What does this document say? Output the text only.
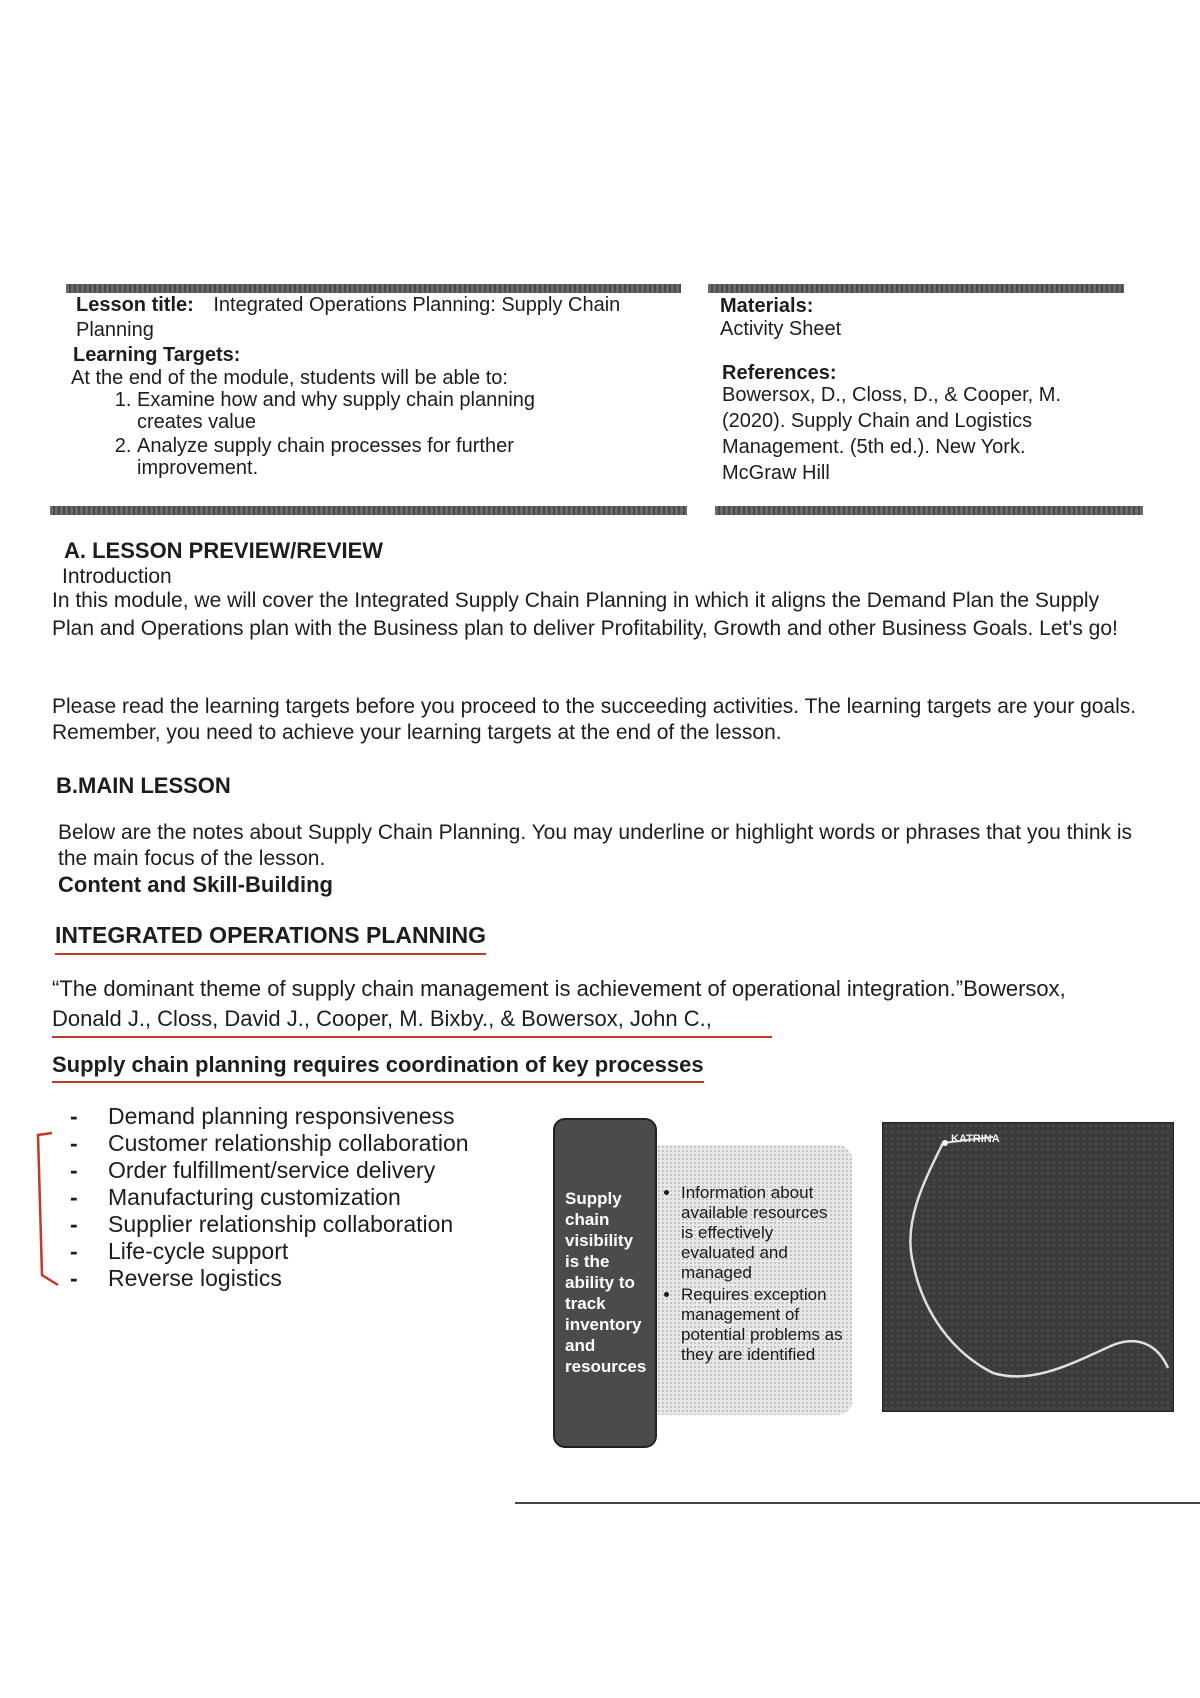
Lesson title: Integrated Operations Planning: Supply Chain
Planning
Learning Targets:
At the end of the module, students will be able to:
1. Examine how and why supply chain planning creates value
2. Analyze supply chain processes for further improvement.
Materials:
Activity Sheet
References:
Bowersox, D., Closs, D., & Cooper, M.
(2020). Supply Chain and Logistics
Management. (5th ed.). New York.
McGraw Hill
A. LESSON PREVIEW/REVIEW
Introduction
In this module, we will cover the Integrated Supply Chain Planning in which it aligns the Demand Plan the Supply Plan and Operations plan with the Business plan to deliver Profitability, Growth and other Business Goals. Let's go!
Please read the learning targets before you proceed to the succeeding activities. The learning targets are your goals. Remember, you need to achieve your learning targets at the end of the lesson.
B.MAIN LESSON
Below are the notes about Supply Chain Planning. You may underline or highlight words or phrases that you think is the main focus of the lesson.
Content and Skill-Building
INTEGRATED OPERATIONS PLANNING
“The dominant theme of supply chain management is achievement of operational integration.”Bowersox, Donald J., Closs, David J., Cooper, M. Bixby., & Bowersox, John C.,
Supply chain planning requires coordination of key processes
- Demand planning responsiveness
- Customer relationship collaboration
- Order fulfillment/service delivery
- Manufacturing customization
- Supplier relationship collaboration
- Life-cycle support
- Reverse logistics
• Information about available resources is effectively evaluated and managed
• Requires exception management of potential problems as they are identified
Supply chain visibility is the ability to track inventory and resources
KATRINA
